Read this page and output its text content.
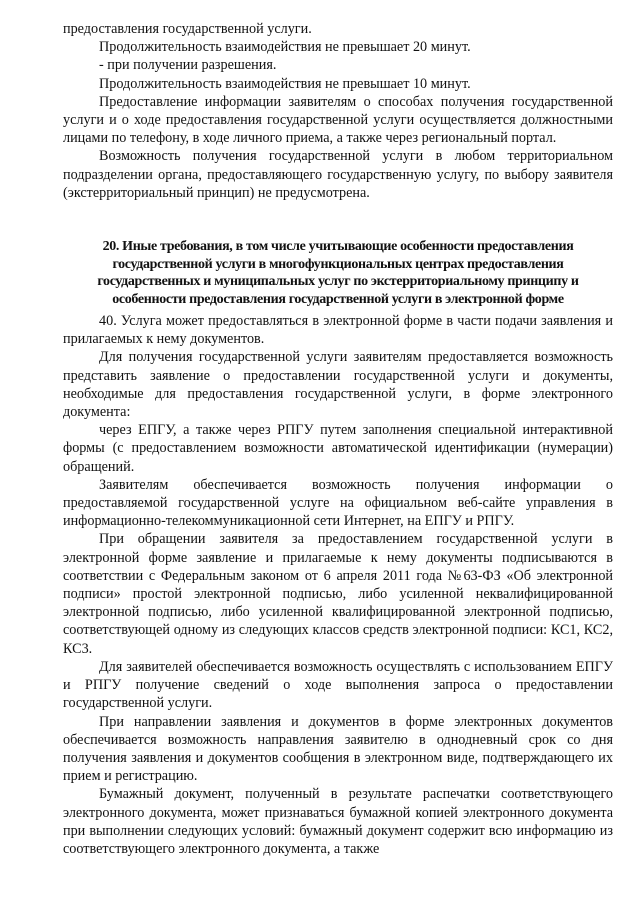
предоставления государственной услуги.

Продолжительность взаимодействия не превышает 20 минут.

- при получении разрешения.

Продолжительность взаимодействия не превышает 10 минут.

Предоставление информации заявителям о способах получения государственной услуги и о ходе предоставления государственной услуги осуществляется должностными лицами по телефону, в ходе личного приема, а также через региональный портал.

Возможность получения государственной услуги в любом территориальном подразделении органа, предоставляющего государственную услугу, по выбору заявителя (экстерриториальный принцип) не предусмотрена.

20. Иные требования, в том числе учитывающие особенности предоставления государственной услуги в многофункциональных центрах предоставления государственных и муниципальных услуг по экстерриториальному принципу и особенности предоставления государственной услуги в электронной форме

40. Услуга может предоставляться в электронной форме в части подачи заявления и прилагаемых к нему документов.

Для получения государственной услуги заявителям предоставляется возможность представить заявление о предоставлении государственной услуги и документы, необходимые для предоставления государственной услуги, в форме электронного документа:

через ЕПГУ, а также через РПГУ путем заполнения специальной интерактивной формы (с предоставлением возможности автоматической идентификации (нумерации) обращений.

Заявителям обеспечивается возможность получения информации о предоставляемой государственной услуге на официальном веб-сайте управления в информационно-телекоммуникационной сети Интернет, на ЕПГУ и РПГУ.

При обращении заявителя за предоставлением государственной услуги в электронной форме заявление и прилагаемые к нему документы подписываются в соответствии с Федеральным законом от 6 апреля 2011 года №63-ФЗ «Об электронной подписи» простой электронной подписью, либо усиленной неквалифицированной электронной подписью, либо усиленной квалифицированной электронной подписью, соответствующей одному из следующих классов средств электронной подписи: КС1, КС2, КС3.

Для заявителей обеспечивается возможность осуществлять с использованием ЕПГУ и РПГУ получение сведений о ходе выполнения запроса о предоставлении государственной услуги.

При направлении заявления и документов в форме электронных документов обеспечивается возможность направления заявителю в однодневный срок со дня получения заявления и документов сообщения в электронном виде, подтверждающего их прием и регистрацию.

Бумажный документ, полученный в результате распечатки соответствующего электронного документа, может признаваться бумажной копией электронного документа при выполнении следующих условий: бумажный документ содержит всю информацию из соответствующего электронного документа, а также
